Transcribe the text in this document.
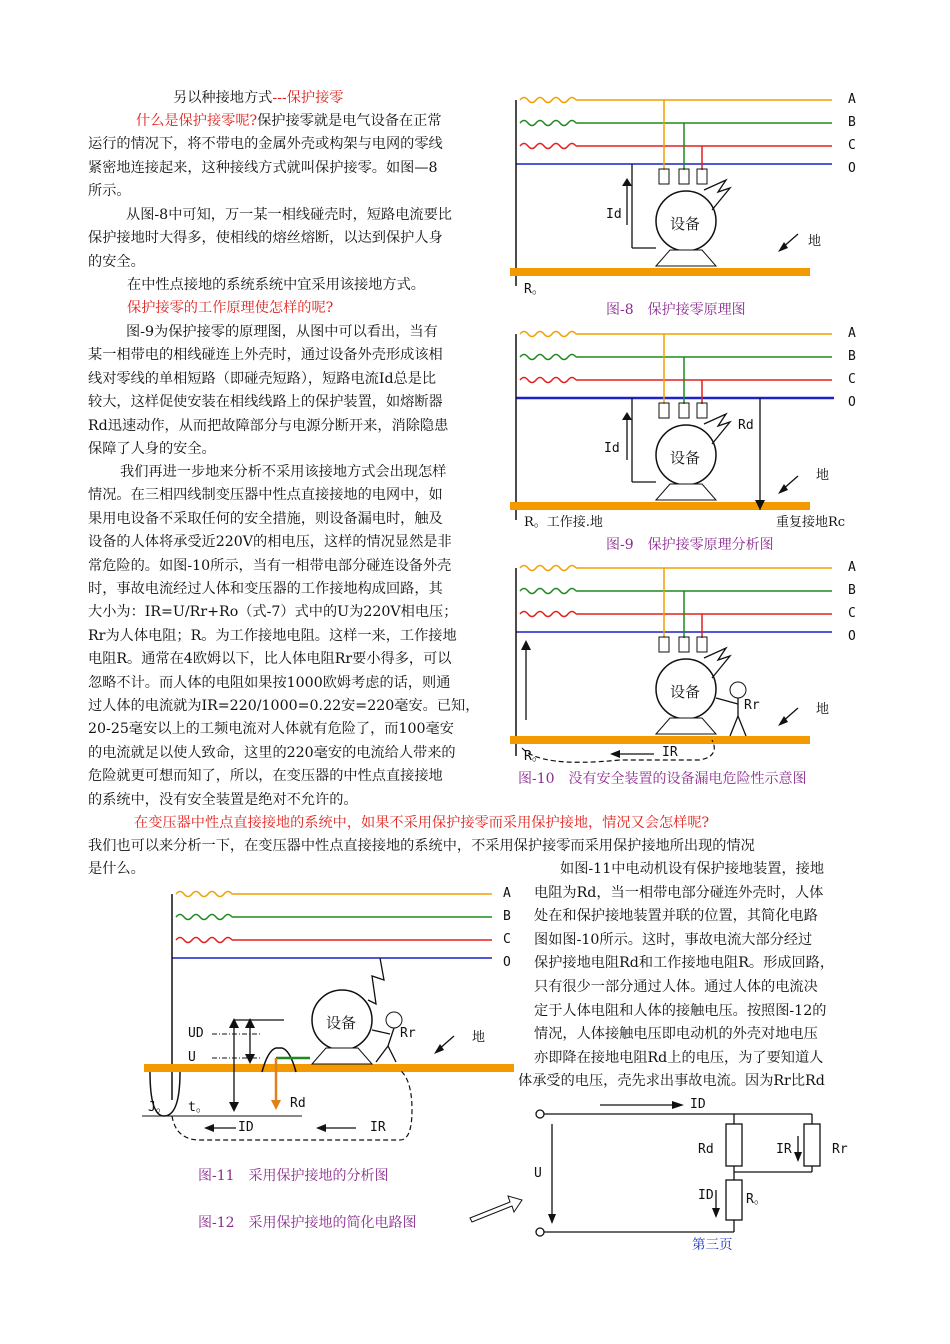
另以种接地方式---保护接零
什么是保护接零呢?保护接零就是电气设备在正常
运行的情况下，将不带电的金属外壳或构架与电网的零线
紧密地连接起来，这种接线方式就叫保护接零。如图—8
所示。
从图-8中可知，万一某一相线碰壳时，短路电流要比
保护接地时大得多，使相线的熔丝熔断，以达到保护人身
的安全。
在中性点接地的系统系统中宜采用该接地方式。
保护接零的工作原理使怎样的呢?
图-9为保护接零的原理图，从图中可以看出，当有
某一相带电的相线碰连上外壳时，通过设备外壳形成该相
线对零线的单相短路（即碰壳短路），短路电流Id总是比
较大，这样促使安装在相线线路上的保护装置，如熔断器
Rd迅速动作，从而把故障部分与电源分断开来，消除隐患
保障了人身的安全。
我们再进一步地来分析不采用该接地方式会出现怎样
情况。在三相四线制变压器中性点直接接地的电网中，如
果用电设备不采取任何的安全措施，则设备漏电时，触及
设备的人体将承受近220V的相电压，这样的情况显然是非
常危险的。如图-10所示，当有一相带电部分碰连设备外壳
时，事故电流经过人体和变压器的工作接地构成回路，其
大小为：IR=U/Rr+Ro（式-7）式中的U为220V相电压；
Rr为人体电阻；R。为工作接地电阻。这样一来，工作接地
电阻R。通常在4欧姆以下，比人体电阻Rr要小得多，可以
忽略不计。而人体的电阻如果按1000欧姆考虑的话，则通
过人体的电流就为IR=220/1000=0.22安=220毫安。已知，
20-25毫安以上的工频电流对人体就有危险了，而100毫安
的电流就足以使人致命，这里的220毫安的电流给人带来的
危险就更可想而知了，所以，在变压器的中性点直接接地
的系统中，没有安全装置是绝对不允许的。
在变压器中性点直接接地的系统中，如果不采用保护接零而采用保护接地，情况又会怎样呢?
我们也可以来分析一下，在变压器中性点直接接地的系统中，不采用保护接零而采用保护接地所出现的情况
是什么。	如图-11中电动机设有保护接地装置，接地
电阻为Rd，当一相带电部分碰连外壳时，人体
处在和保护接地装置并联的位置，其简化电路
图如图-10所示。这时，事故电流大部分经过
保护接地电阻Rd和工作接地电阻R。形成回路，
只有很少一部分通过人体。通过人体的电流决
定于人体电阻和人体的接触电压。按照图-12的
情况，人体接触电压即电动机的外壳对地电压
亦即降在接地电阻Rd上的电压，为了要知道人
体承受的电压，壳先求出事故电流。因为Rr比Rd
A
B
C
O
设备
Id
地
R。
图-8　保护接零原理图
A
B
C
O
设备
Id
Rd
地
R。工作接.地	重复接地Rc
图-9　保护接零原理分析图
A
B
C
O
设备
Rr	地
R。	IR
图-10　没有安全装置的设备漏电危险性示意图
A
B
C
O
设备
Rr	地
UD
U
J。 t。	Rd
ID	IR
图-11　采用保护接地的分析图
图-12　采用保护接地的简化电路图
ID
Rd	IR	Rr
U
ID R。
第三页
